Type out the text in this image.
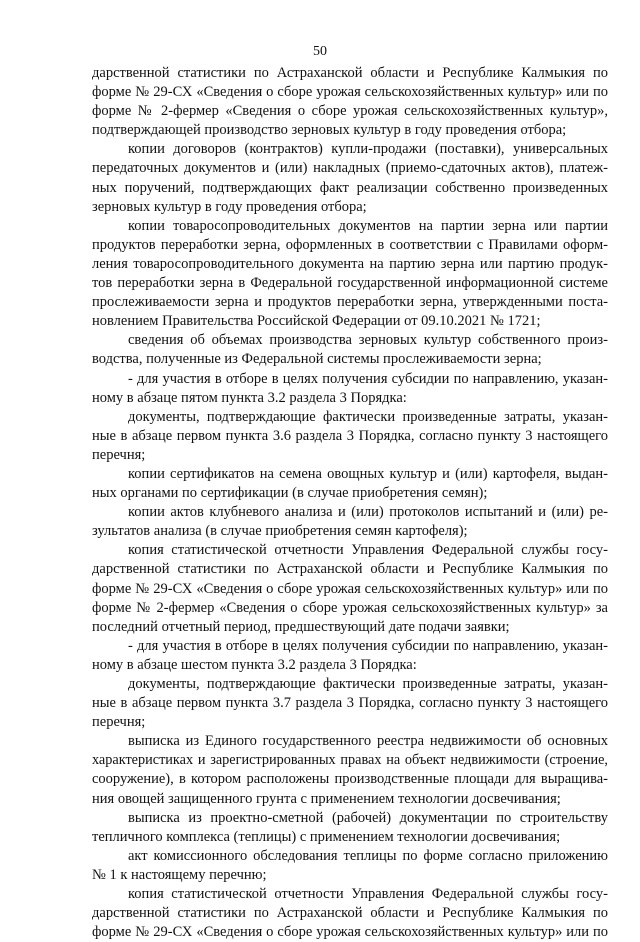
50
дарственной статистики по Астраханской области и Республике Калмыкия по
форме № 29-СХ «Сведения о сборе урожая сельскохозяйственных культур» или по
форме № 2-фермер «Сведения о сборе урожая сельскохозяйственных культур»,
подтверждающей производство зерновых культур в году проведения отбора;
копии договоров (контрактов) купли-продажи (поставки), универсальных
передаточных документов и (или) накладных (приемо-сдаточных актов), платеж-
ных поручений, подтверждающих факт реализации собственно произведенных
зерновых культур в году проведения отбора;
копии товаросопроводительных документов на партии зерна или партии
продуктов переработки зерна, оформленных в соответствии с Правилами оформ-
ления товаросопроводительного документа на партию зерна или партию продук-
тов переработки зерна в Федеральной государственной информационной системе
прослеживаемости зерна и продуктов переработки зерна, утвержденными поста-
новлением Правительства Российской Федерации от 09.10.2021 № 1721;
сведения об объемах производства зерновых культур собственного произ-
водства, полученные из Федеральной системы прослеживаемости зерна;
- для участия в отборе в целях получения субсидии по направлению, указан-
ному в абзаце пятом пункта 3.2 раздела 3 Порядка:
документы, подтверждающие фактически произведенные затраты, указан-
ные в абзаце первом пункта 3.6 раздела 3 Порядка, согласно пункту 3 настоящего
перечня;
копии сертификатов на семена овощных культур и (или) картофеля, выдан-
ных органами по сертификации (в случае приобретения семян);
копии актов клубневого анализа и (или) протоколов испытаний и (или) ре-
зультатов анализа (в случае приобретения семян картофеля);
копия статистической отчетности Управления Федеральной службы госу-
дарственной статистики по Астраханской области и Республике Калмыкия по
форме № 29-СХ «Сведения о сборе урожая сельскохозяйственных культур» или по
форме № 2-фермер «Сведения о сборе урожая сельскохозяйственных культур» за
последний отчетный период, предшествующий дате подачи заявки;
- для участия в отборе в целях получения субсидии по направлению, указан-
ному в абзаце шестом пункта 3.2 раздела 3 Порядка:
документы, подтверждающие фактически произведенные затраты, указан-
ные в абзаце первом пункта 3.7 раздела 3 Порядка, согласно пункту 3 настоящего
перечня;
выписка из Единого государственного реестра недвижимости об основных
характеристиках и зарегистрированных правах на объект недвижимости (строение,
сооружение), в котором расположены производственные площади для выращива-
ния овощей защищенного грунта с применением технологии досвечивания;
выписка из проектно-сметной (рабочей) документации по строительству
тепличного комплекса (теплицы) с применением технологии досвечивания;
акт комиссионного обследования теплицы по форме согласно приложению
№ 1 к настоящему перечню;
копия статистической отчетности Управления Федеральной службы госу-
дарственной статистики по Астраханской области и Республике Калмыкия по
форме № 29-СХ «Сведения о сборе урожая сельскохозяйственных культур» или по
